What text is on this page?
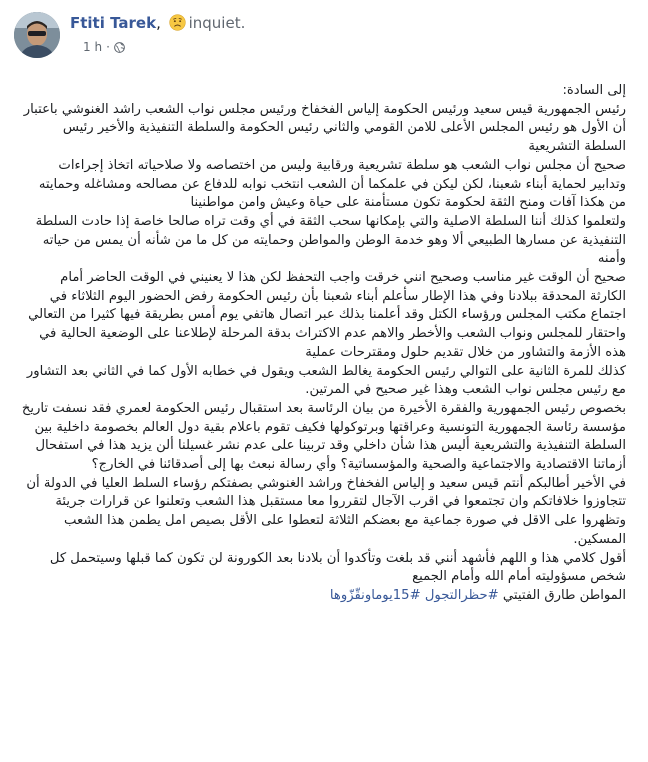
Ftiti Tarek, inquiet.
1 h ·

إلى السادة:

رئيس الجمهورية قيس سعيد ورئيس الحكومة إلياس الفخفاخ ورئيس مجلس نواب الشعب راشد الغنوشي باعتبار أن الأول هو رئيس المجلس الأعلى للامن القومي والثاني رئيس الحكومة والسلطة التنفيذية والأخير رئيس السلطة التشريعية

صحيح أن مجلس نواب الشعب هو سلطة تشريعية ورقابية وليس من اختصاصه ولا صلاحياته اتخاذ إجراءات وتدابير لحماية أبناء شعبنا، لكن ليكن في علمكما أن الشعب انتخب نوابه للدفاع عن مصالحه ومشاغله وحمايته من هكذا آفات ومنح الثقة لحكومة تكون مستأمنة على حياة وعيش وامن مواطنينا

ولتعلموا كذلك أننا السلطة الاصلية والتي بإمكانها سحب الثقة في أي وقت تراه صالحا خاصة إذا حادت السلطة التنفيذية عن مسارها الطبيعي ألا وهو خدمة الوطن والمواطن وحمايته من كل ما من شأنه أن يمس من حياته وأمنه

صحيح أن الوقت غير مناسب وصحيح انني خرقت واجب التحفظ لكن هذا لا يعنيني في الوقت الحاضر أمام الكارثة المحدقة ببلادنا وفي هذا الإطار سأعلم أبناء شعبنا بأن رئيس الحكومة رفض الحضور اليوم الثلاثاء في اجتماع مكتب المجلس ورؤساء الكتل وقد أعلمنا بذلك عبر اتصال هاتفي يوم أمس بطريقة فيها كثيرا من التعالي واحتقار للمجلس ونواب الشعب والأخطر والاهم عدم الاكتراث بدقة المرحلة لإطلاعنا على الوضعية الحالية في هذه الأزمة والتشاور من خلال تقديم حلول ومقترحات عملية

كذلك للمرة الثانية على التوالي رئيس الحكومة يغالط الشعب ويقول في خطابه الأول كما في الثاني بعد التشاور مع رئيس مجلس نواب الشعب وهذا غير صحيح في المرتين.

بخصوص رئيس الجمهورية والفقرة الأخيرة من بيان الرئاسة بعد استقبال رئيس الحكومة لعمري فقد نسفت تاريخ مؤسسة رئاسة الجمهورية التونسية وعراقتها وبرتوكولها فكيف تقوم باعلام بقية دول العالم بخصومة داخلية بين السلطة التنفيذية والتشريعية أليس هذا شأن داخلي وقد تربينا على عدم نشر غسيلنا ألن يزيد هذا في استفحال أزماتنا الاقتصادية والاجتماعية والصحية والمؤسساتية؟ وأي رسالة نبعث بها إلى أصدقائنا في الخارج؟

في الأخير أطالبكم أنتم قيس سعيد و إلياس الفخفاخ وراشد الغنوشي بصفتكم رؤساء السلط العليا في الدولة أن تتجاوزوا خلافاتكم وان تجتمعوا في اقرب الآجال لتقرروا معا مستقبل هذا الشعب وتعلنوا عن قرارات جريئة وتظهروا على الاقل في صورة جماعية مع بعضكم الثلاثة لتعطوا على الأقل بصيص امل يطمن هذا الشعب المسكين.

أقول كلامي هذا و اللهم فأشهد أنني قد بلغت وتأكدوا أن بلادنا بعد الكورونة لن تكون كما قبلها وسيتحمل كل شخص مسؤوليته أمام الله وأمام الجميع

المواطن طارق الفتيتي #حظرالتجول #15يوماونقّزّوها
